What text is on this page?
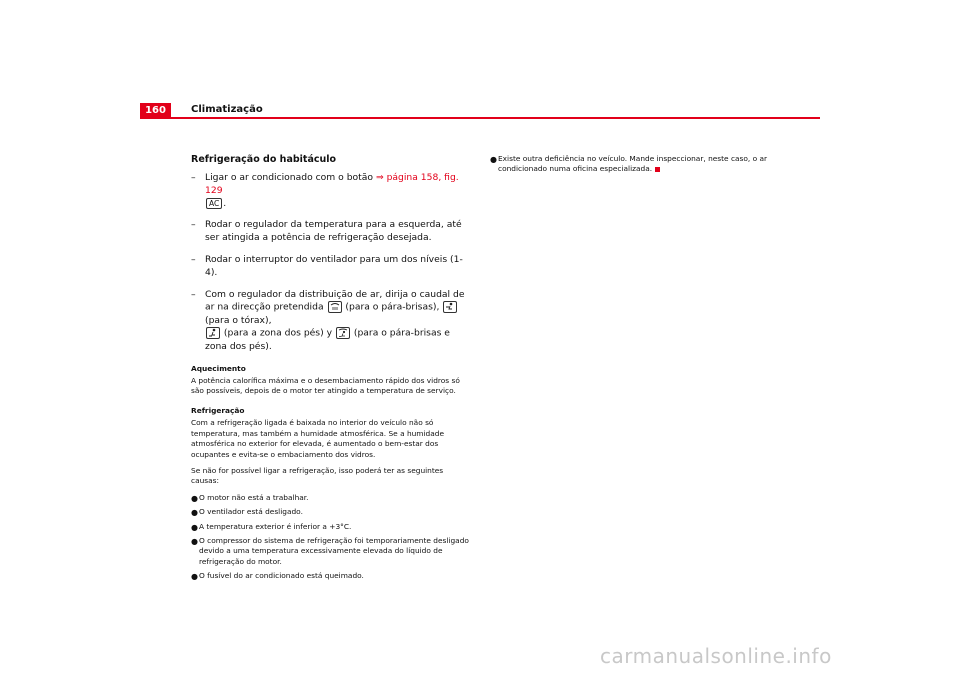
160	Climatização
Refrigeração do habitáculo
– Ligar o ar condicionado com o botão ⇒ página 158, fig. 129
AC .
– Rodar o regulador da temperatura para a esquerda, até ser atingida a potência de refrigeração desejada.
– Rodar o interruptor do ventilador para um dos níveis (1-4).
– Com o regulador da distribuição de ar, dirija o caudal de ar na direcção pretendida
(para o pára-brisas),
(para o tórax),

(para a zona dos pés) y
(para o pára-brisas e zona dos pés).
Aquecimento
A potência calorífica máxima e o desembaciamento rápido dos vidros só são possíveis, depois de o motor ter atingido a temperatura de serviço.
Refrigeração
Com a refrigeração ligada é baixada no interior do veículo não só temperatura, mas também a humidade atmosférica. Se a humidade atmosférica no exterior for elevada, é aumentado o bem-estar dos ocupantes e evita-se o embaciamento dos vidros.
Se não for possível ligar a refrigeração, isso poderá ter as seguintes causas:
● O motor não está a trabalhar.
● O ventilador está desligado.
● A temperatura exterior é inferior a +3°C.
● O compressor do sistema de refrigeração foi temporariamente desligado devido a uma temperatura excessivamente elevada do líquido de refrigeração do motor.
● O fusível do ar condicionado está queimado.
● Existe outra deficiência no veículo. Mande inspeccionar, neste caso, o ar condicionado numa oficina especializada.
carmanualsonline.info
